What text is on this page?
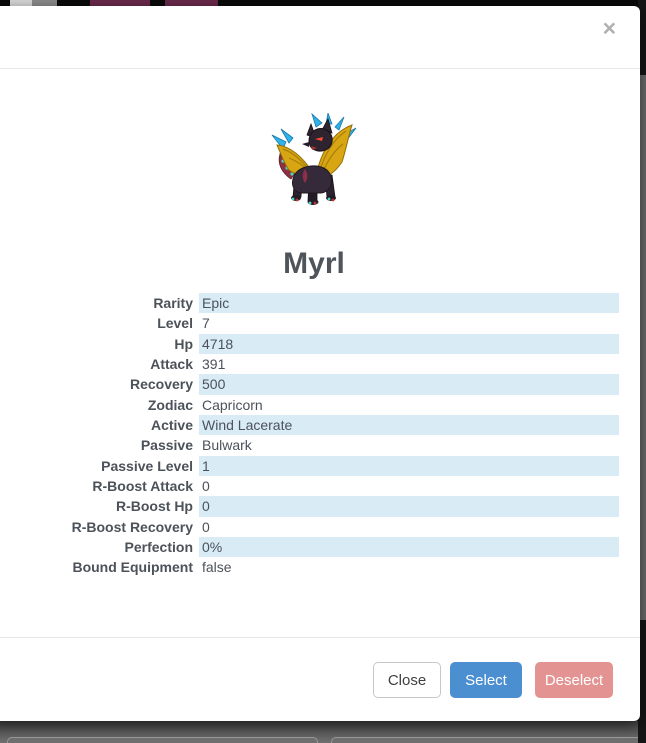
×
Myrl
Rarity Epic
Level 7
Hp 4718
Attack 391
Recovery 500
Zodiac Capricorn
Active Wind Lacerate
Passive Bulwark
Passive Level 1
R-Boost Attack 0
R-Boost Hp 0
R-Boost Recovery 0
Perfection 0%
Bound Equipment false
Close	Select	Deselect
